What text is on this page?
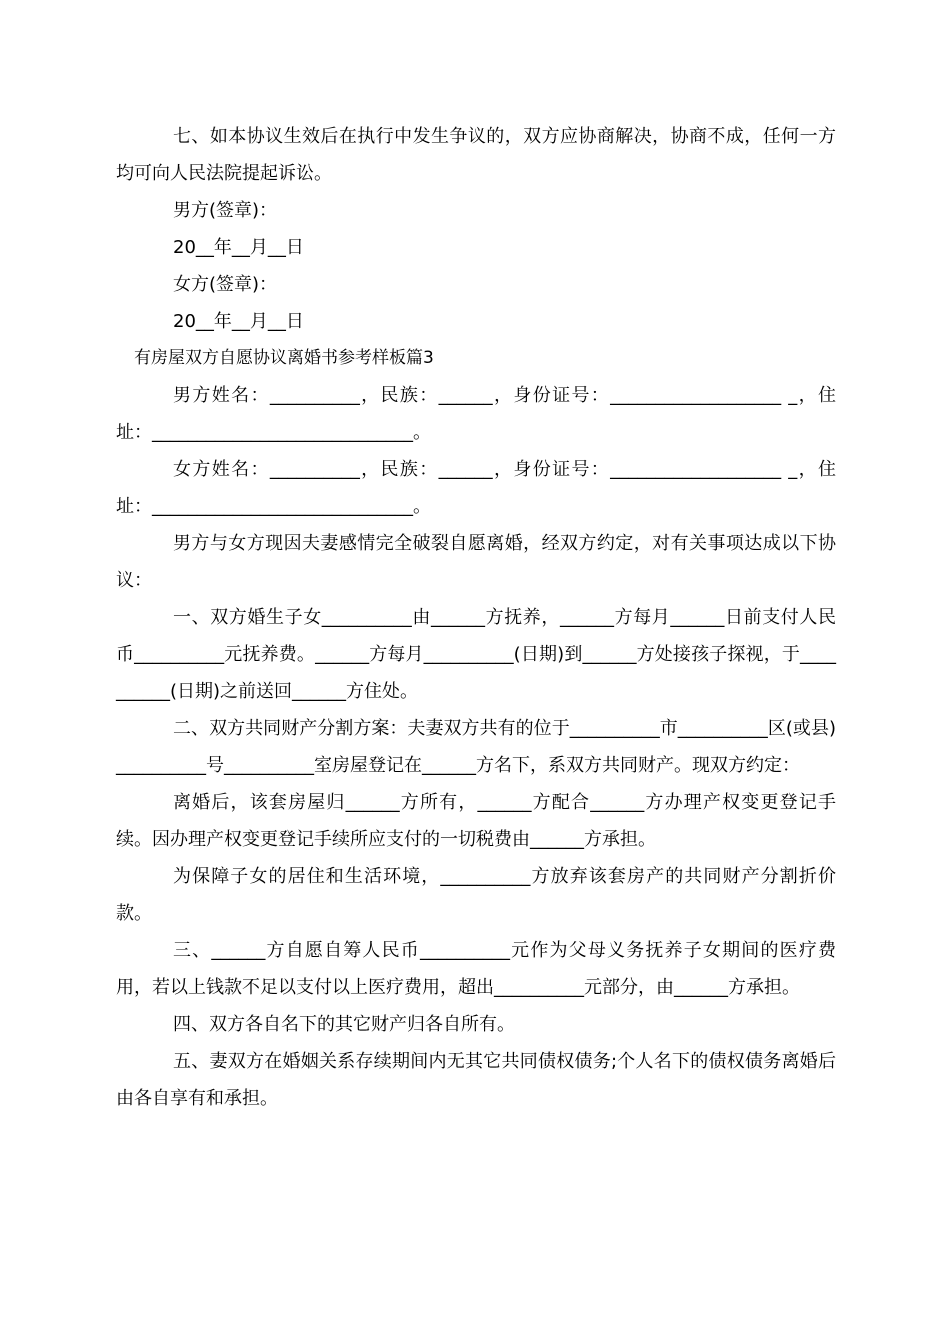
七、如本协议生效后在执行中发生争议的，双方应协商解决，协商不成，任何一方均可向人民法院提起诉讼。

男方(签章)：

20__年__月__日

女方(签章)：

20__年__月__日

有房屋双方自愿协议离婚书参考样板篇3

男方姓名：__________，民族：______，身份证号：___________________ _，住址：_____________________________。

女方姓名：__________，民族：______，身份证号：___________________ _，住址：_____________________________。

男方与女方现因夫妻感情完全破裂自愿离婚，经双方约定，对有关事项达成以下协议：

一、双方婚生子女__________由______方抚养，______方每月______日前支付人民币__________元抚养费。______方每月__________(日期)到______方处接孩子探视，于__________(日期)之前送回______方住处。

二、双方共同财产分割方案：夫妻双方共有的位于__________市__________区(或县)__________号__________室房屋登记在______方名下，系双方共同财产。现双方约定：

离婚后，该套房屋归______方所有，______方配合______方办理产权变更登记手续。因办理产权变更登记手续所应支付的一切税费由______方承担。

为保障子女的居住和生活环境，__________方放弃该套房产的共同财产分割折价款。

三、______方自愿自筹人民币__________元作为父母义务抚养子女期间的医疗费用，若以上钱款不足以支付以上医疗费用，超出__________元部分，由______方承担。

四、双方各自名下的其它财产归各自所有。

五、妻双方在婚姻关系存续期间内无其它共同债权债务;个人名下的债权债务离婚后由各自享有和承担。
